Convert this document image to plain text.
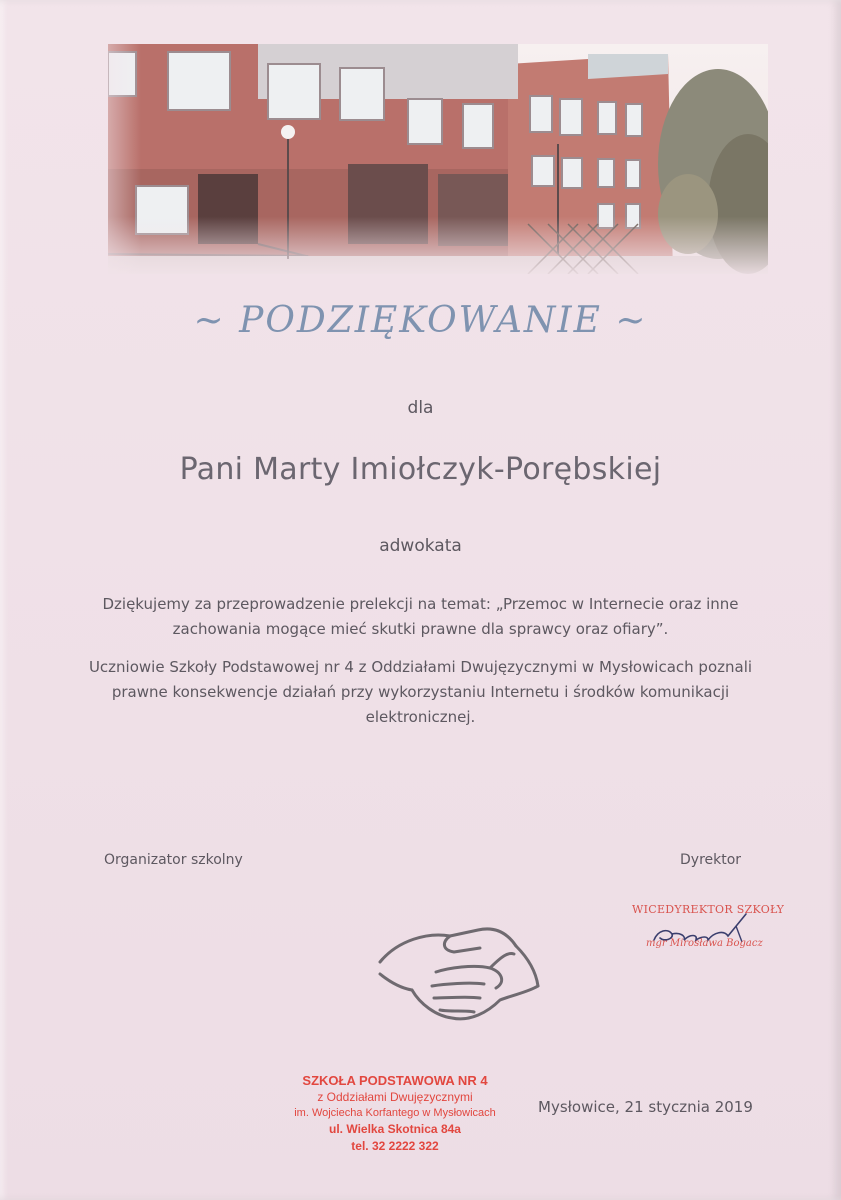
~ PODZIĘKOWANIE ~
dla
Pani Marty Imiołczyk-Porębskiej
adwokata
Dziękujemy za przeprowadzenie prelekcji na temat: „Przemoc w Internecie oraz inne zachowania mogące mieć skutki prawne dla sprawcy oraz ofiary”.
Uczniowie Szkoły Podstawowej nr 4 z Oddziałami Dwujęzycznymi w Mysłowicach poznali prawne konsekwencje działań przy wykorzystaniu Internetu i środków komunikacji elektronicznej.
Organizator szkolny	Dyrektor
WICEDYREKTOR SZKOŁY
mgr Mirosława Bogacz
SZKOŁA PODSTAWOWA NR 4
z Oddziałami Dwujęzycznymi
im. Wojciecha Korfantego w Mysłowicach
ul. Wielka Skotnica 84a
tel. 32 2222 322
Mysłowice, 21 stycznia 2019
